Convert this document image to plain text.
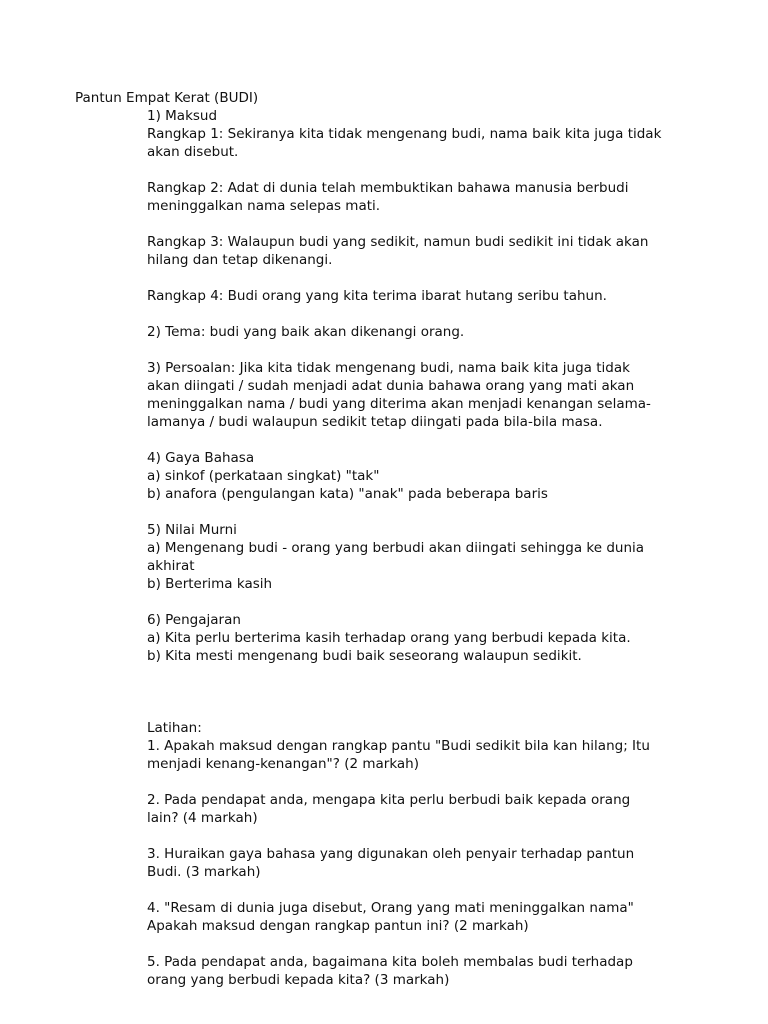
Pantun Empat Kerat (BUDI)
1) Maksud
Rangkap 1: Sekiranya kita tidak mengenang budi, nama baik kita juga tidak
akan disebut.
Rangkap 2: Adat di dunia telah membuktikan bahawa manusia berbudi
meninggalkan nama selepas mati.
Rangkap 3: Walaupun budi yang sedikit, namun budi sedikit ini tidak akan
hilang dan tetap dikenangi.
Rangkap 4: Budi orang yang kita terima ibarat hutang seribu tahun.
2) Tema: budi yang baik akan dikenangi orang.
3) Persoalan: Jika kita tidak mengenang budi, nama baik kita juga tidak
akan diingati / sudah menjadi adat dunia bahawa orang yang mati akan
meninggalkan nama / budi yang diterima akan menjadi kenangan selama-
lamanya / budi walaupun sedikit tetap diingati pada bila-bila masa.
4) Gaya Bahasa
a) sinkof (perkataan singkat) "tak"
b) anafora (pengulangan kata) "anak" pada beberapa baris
5) Nilai Murni
a) Mengenang budi - orang yang berbudi akan diingati sehingga ke dunia
akhirat
b) Berterima kasih
6) Pengajaran
a) Kita perlu berterima kasih terhadap orang yang berbudi kepada kita.
b) Kita mesti mengenang budi baik seseorang walaupun sedikit.
Latihan:
1. Apakah maksud dengan rangkap pantu "Budi sedikit bila kan hilang; Itu
menjadi kenang-kenangan"? (2 markah)
2. Pada pendapat anda, mengapa kita perlu berbudi baik kepada orang
lain? (4 markah)
3. Huraikan gaya bahasa yang digunakan oleh penyair terhadap pantun
Budi. (3 markah)
4. "Resam di dunia juga disebut, Orang yang mati meninggalkan nama"
Apakah maksud dengan rangkap pantun ini? (2 markah)
5. Pada pendapat anda, bagaimana kita boleh membalas budi terhadap
orang yang berbudi kepada kita? (3 markah)
